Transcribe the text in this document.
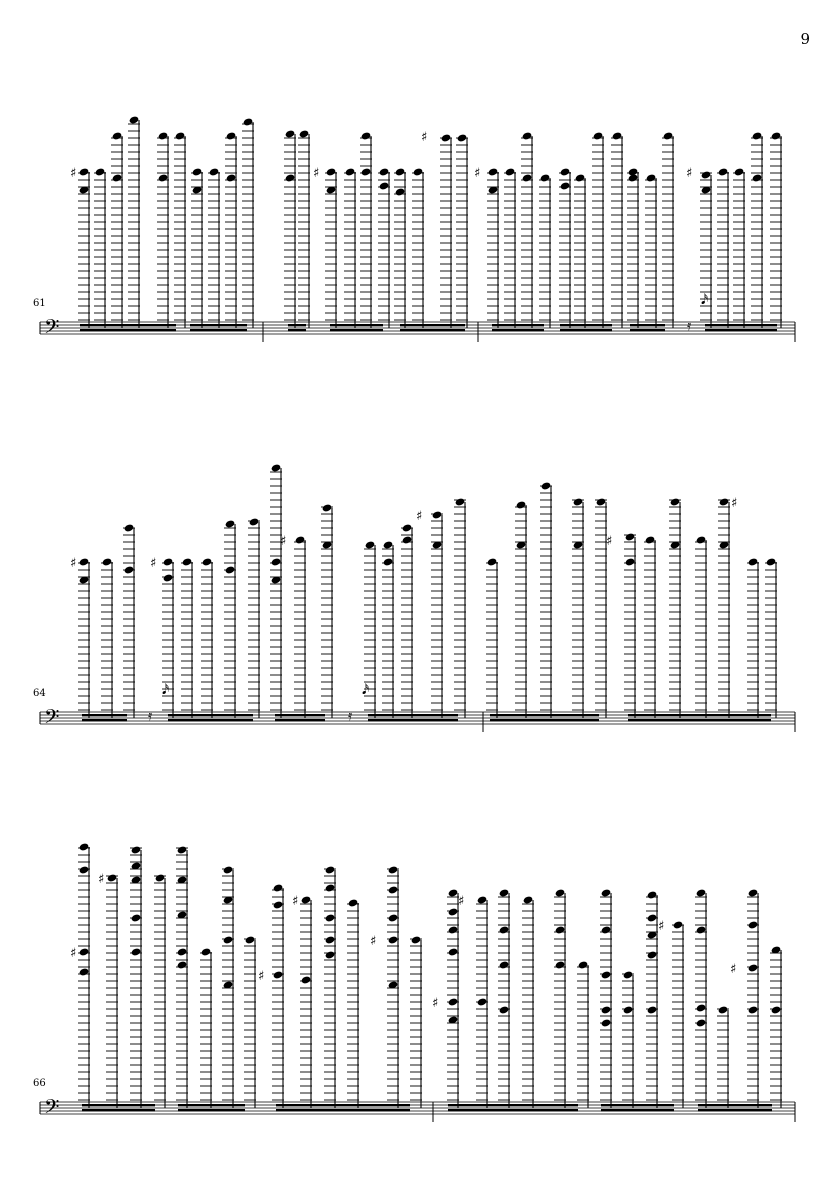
9
61
64
66
𝄢	𝄿
𝅘𝅥𝅯
♯	♯
♯
♯	♯
𝄢	𝄿
𝅘𝅥𝅯
𝄿
𝅘𝅥𝅯
♯	♯
♯
♯
♯
♯
𝄢
♯
♯
♯
♯
♯
♯
♯
♯
♯
